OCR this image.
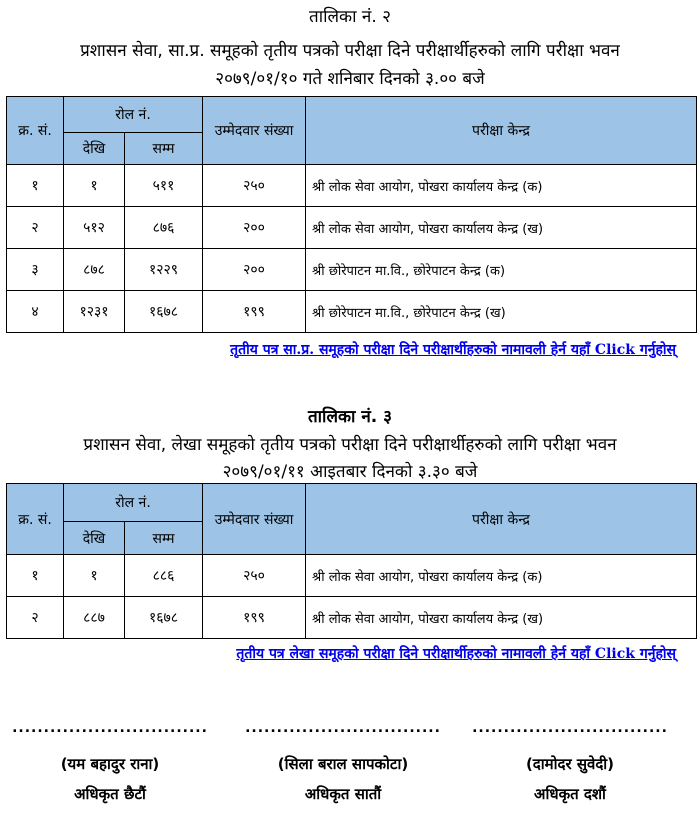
तालिका नं. २
प्रशासन सेवा, सा.प्र. समूहको तृतीय पत्रको परीक्षा दिने परीक्षार्थीहरुको लागि परीक्षा भवन
२०७९/०१/१० गते शनिबार दिनको ३.०० बजे
क्र. सं.	रोल नं.		उम्मेदवार संख्या	परीक्षा केन्द्र
	देखि	सम्म		
१	१	५११	२५०	श्री लोक सेवा आयोग, पोखरा कार्यालय केन्द्र (क)
२	५१२	८७६	२००	श्री लोक सेवा आयोग, पोखरा कार्यालय केन्द्र (ख)
३	८७८	१२२९	२००	श्री छोरेपाटन मा.वि., छोरेपाटन केन्द्र (क)
४	१२३१	१६७८	१९९	श्री छोरेपाटन मा.वि., छोरेपाटन केन्द्र (ख)
तृतीय पत्र सा.प्र. समूहको परीक्षा दिने परीक्षार्थीहरुको नामावली हेर्न यहाँ Click गर्नुहोस्
तालिका नं. ३
प्रशासन सेवा, लेखा समूहको तृतीय पत्रको परीक्षा दिने परीक्षार्थीहरुको लागि परीक्षा भवन
२०७९/०१/११ आइतबार दिनको ३.३० बजे
क्र. सं.	रोल नं.		उम्मेदवार संख्या	परीक्षा केन्द्र
	देखि	सम्म		
१	१	८८६	२५०	श्री लोक सेवा आयोग, पोखरा कार्यालय केन्द्र (क)
२	८८७	१६७८	१९९	श्री लोक सेवा आयोग, पोखरा कार्यालय केन्द्र (ख)
तृतीय पत्र लेखा समूहको परीक्षा दिने परीक्षार्थीहरुको नामावली हेर्न यहाँ Click गर्नुहोस्
...............................
(यम बहादुर राना)
अधिकृत छैटौं
...............................
(सिला बराल सापकोटा)
अधिकृत सातौं
...............................
(दामोदर सुवेदी)
अधिकृत दशौं
